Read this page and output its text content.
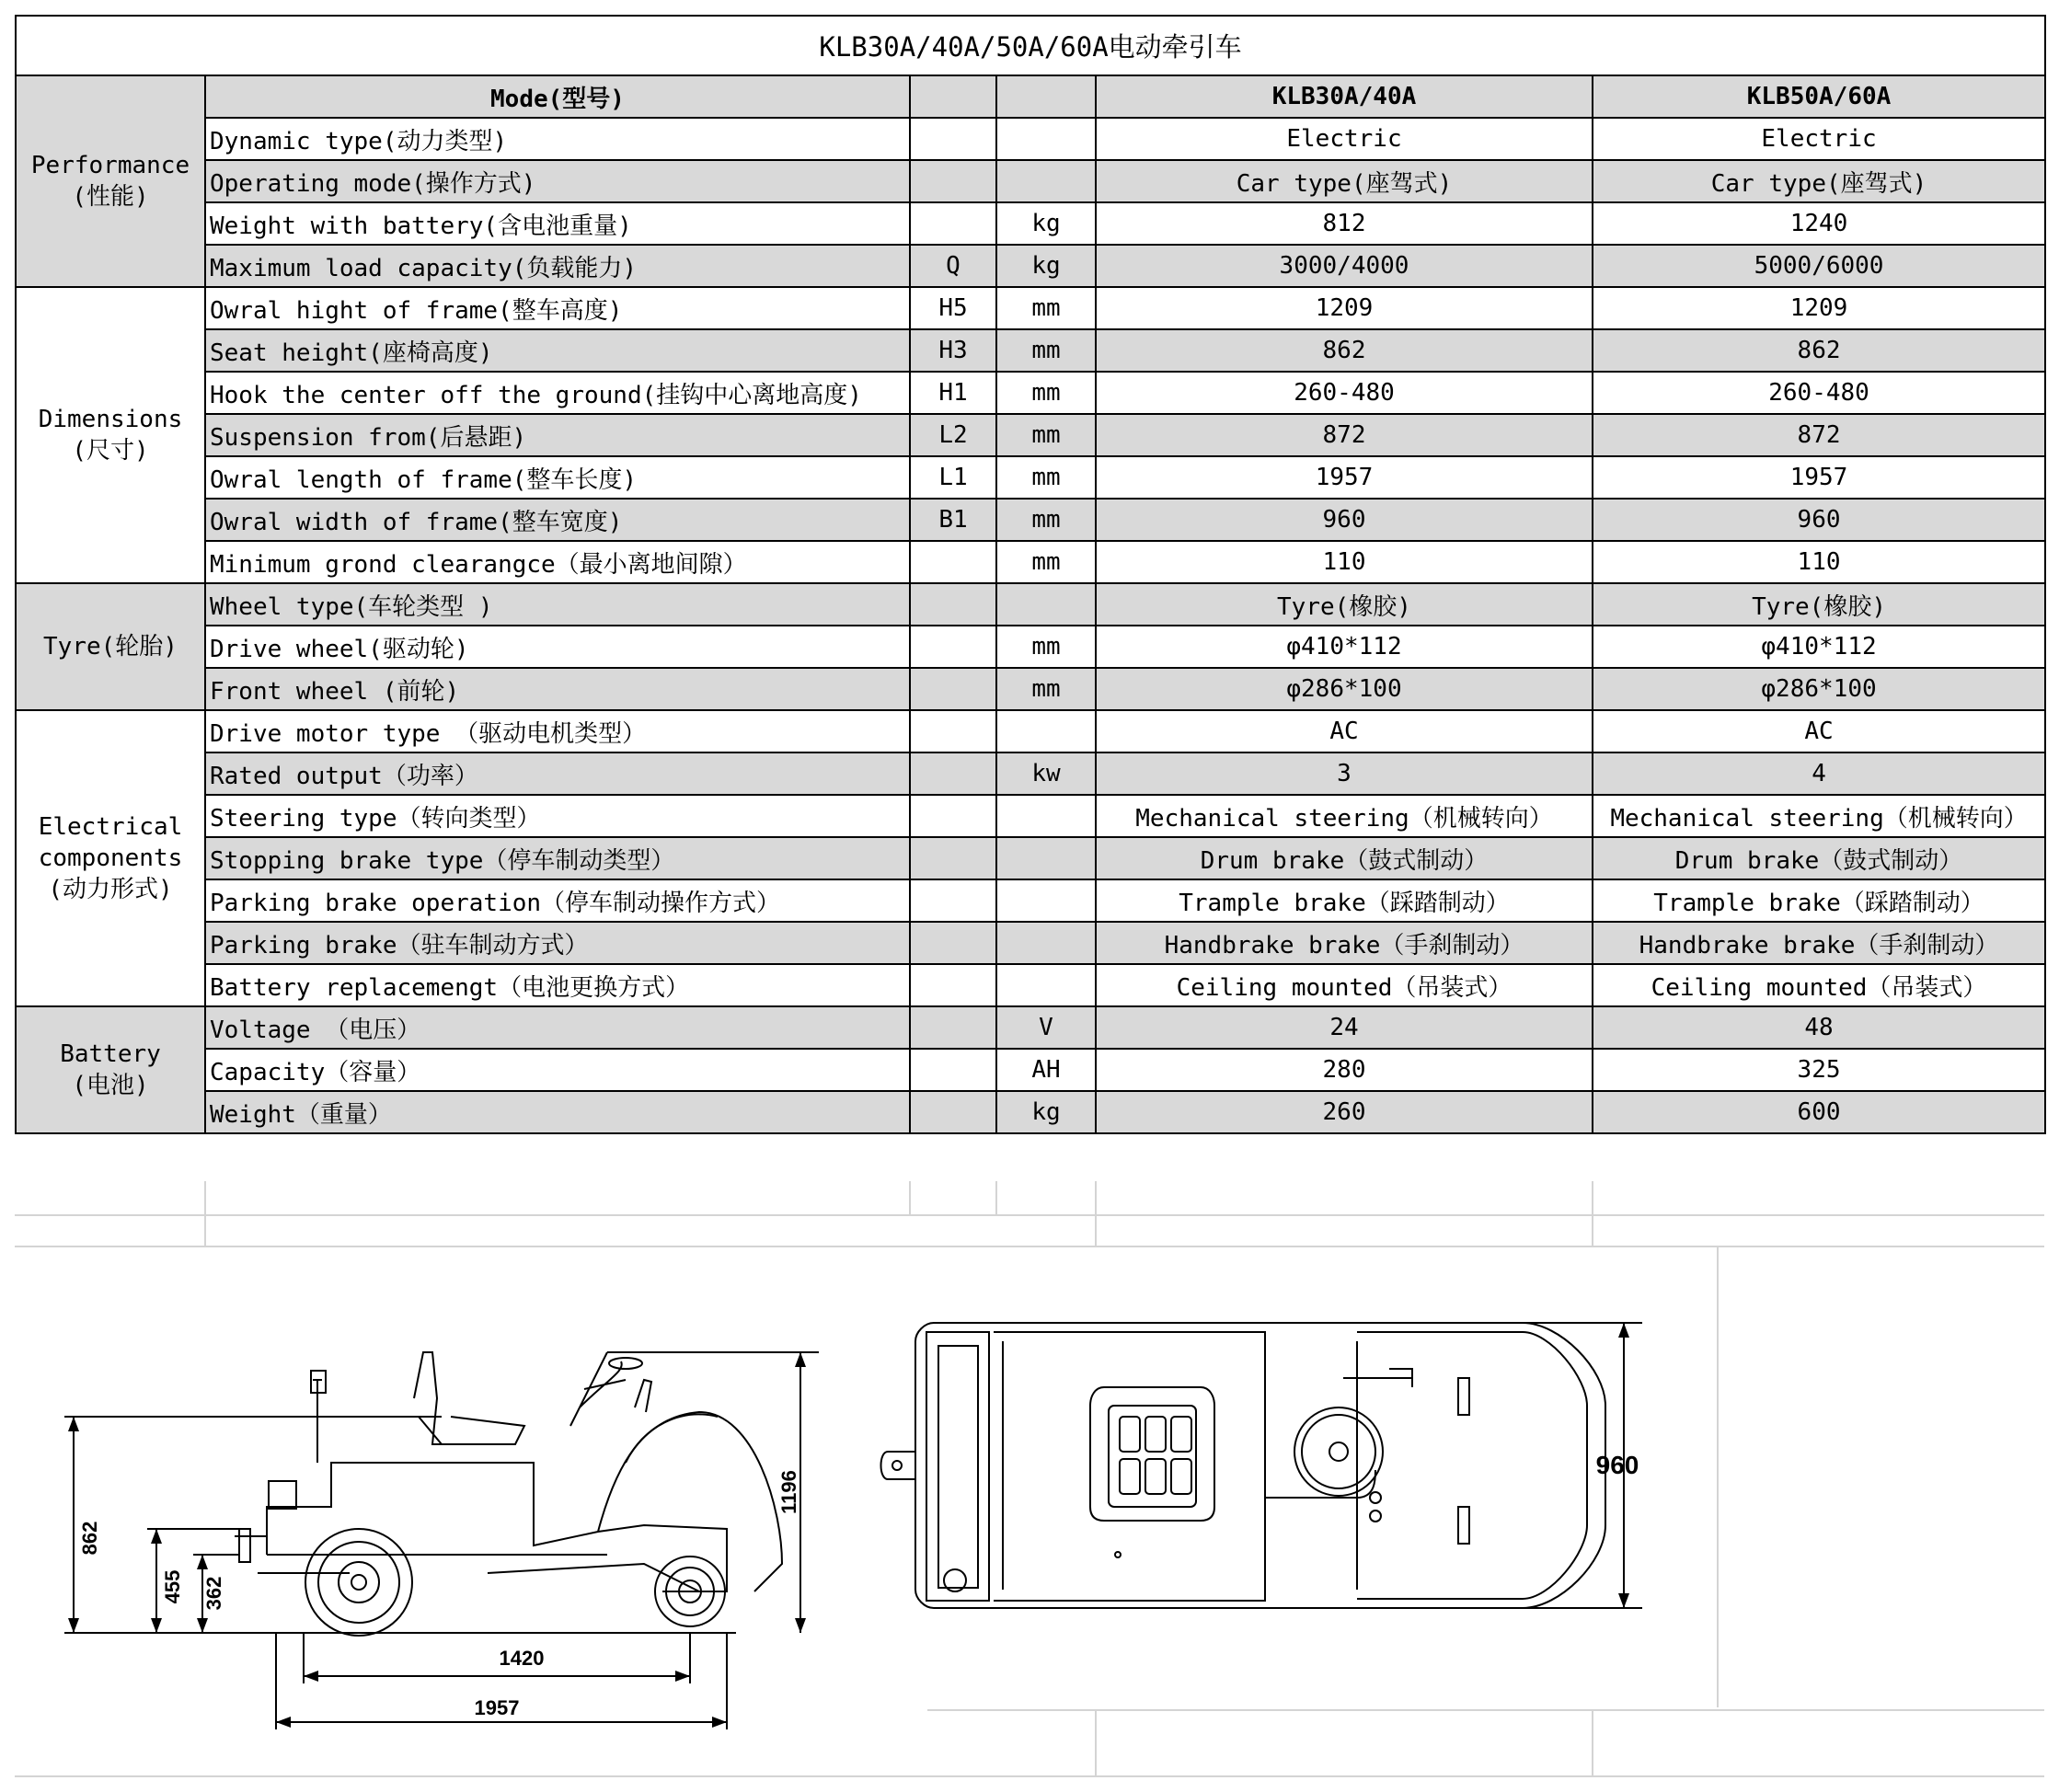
KLB30A/40A/50A/60A电动牵引车					
Performance
(性能)	Mode(型号)			KLB30A/40A	KLB50A/60A
	Dynamic type(动力类型)			Electric	Electric
	Operating mode(操作方式)			Car type(座驾式)	Car type(座驾式)
	Weight with battery(含电池重量)		kg	812	1240
	Maximum load capacity(负载能力)	Q	kg	3000/4000	5000/6000
Dimensions
(尺寸)	Owral hight of frame(整车高度)	H5	mm	1209	1209
	Seat height(座椅高度)	H3	mm	862	862
	Hook the center off the ground(挂钩中心离地高度)	H1	mm	260-480	260-480
	Suspension from(后悬距)	L2	mm	872	872
	Owral length of frame(整车长度)	L1	mm	1957	1957
	Owral width of frame(整车宽度)	B1	mm	960	960
	Minimum grond clearangce（最小离地间隙）		mm	110	110
Tyre(轮胎)	Wheel type(车轮类型 )			Tyre(橡胶)	Tyre(橡胶)
	Drive wheel(驱动轮)		mm	φ410*112	φ410*112
	Front wheel (前轮)		mm	φ286*100	φ286*100
Electrical
components
(动力形式)	Drive motor type （驱动电机类型）			AC	AC
	Rated output（功率）		kw	3	4
	Steering type（转向类型）			Mechanical steering（机械转向）	Mechanical steering（机械转向）
	Stopping brake type（停车制动类型）			Drum brake（鼓式制动）	Drum brake（鼓式制动）
	Parking brake operation（停车制动操作方式）			Trample brake（踩踏制动）	Trample brake（踩踏制动）
	Parking brake（驻车制动方式）			Handbrake brake（手刹制动）	Handbrake brake（手刹制动）
	Battery replacemengt（电池更换方式）			Ceiling mounted（吊装式）	Ceiling mounted（吊装式）
Battery
(电池)	Voltage （电压）		V	24	48
	Capacity（容量）		AH	280	325
	Weight（重量）		kg	260	600
862
455 362
1420
1957
1196
960
